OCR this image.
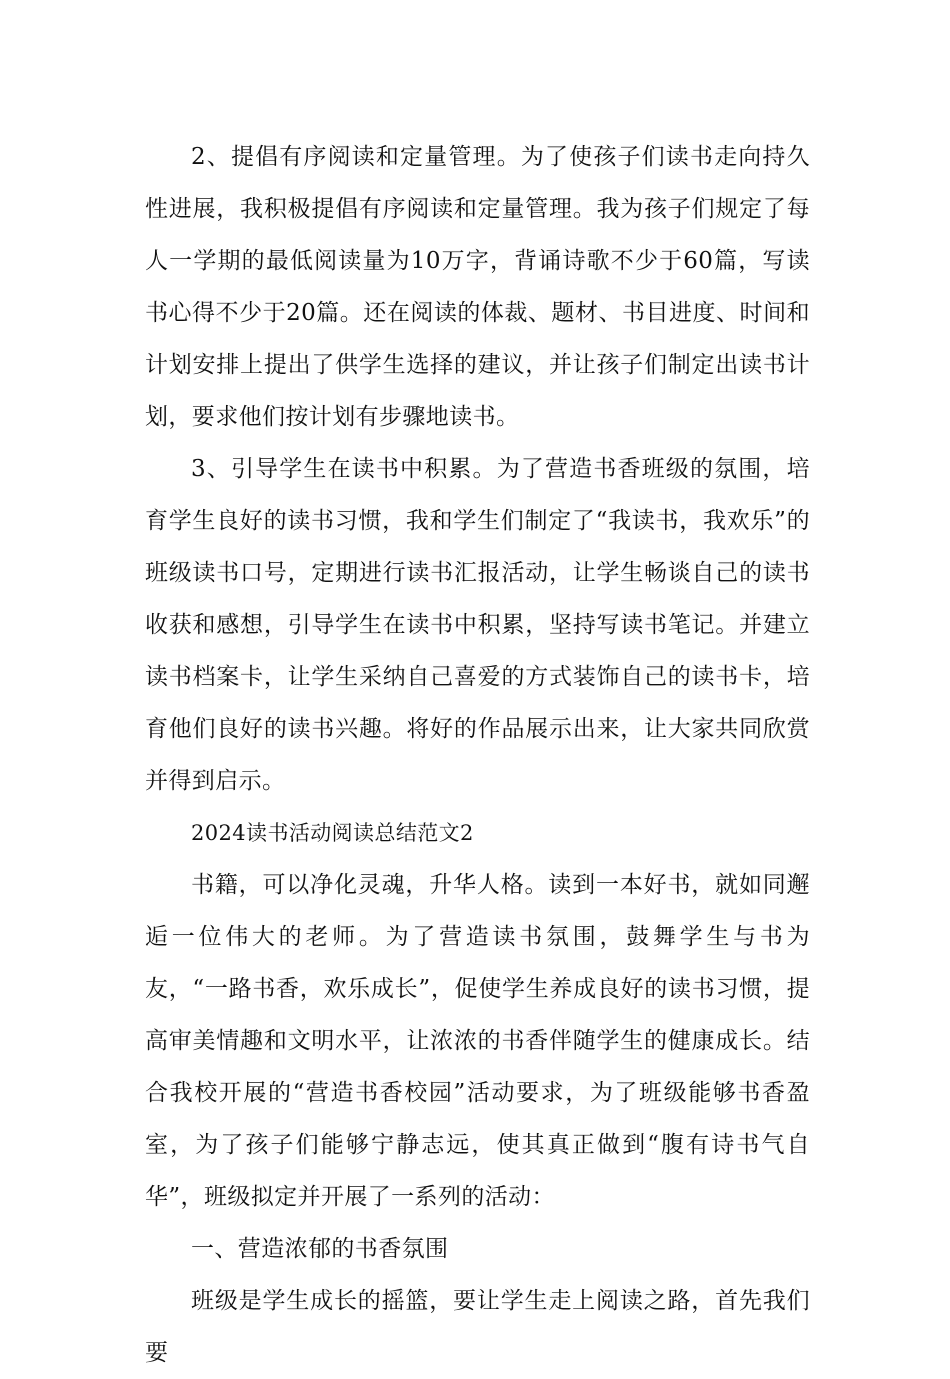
2、提倡有序阅读和定量管理。为了使孩子们读书走向持久性进展，我积极提倡有序阅读和定量管理。我为孩子们规定了每人一学期的最低阅读量为10万字，背诵诗歌不少于60篇，写读书心得不少于20篇。还在阅读的体裁、题材、书目进度、时间和计划安排上提出了供学生选择的建议，并让孩子们制定出读书计划，要求他们按计划有步骤地读书。

3、引导学生在读书中积累。为了营造书香班级的氛围，培育学生良好的读书习惯，我和学生们制定了“我读书，我欢乐”的班级读书口号，定期进行读书汇报活动，让学生畅谈自己的读书收获和感想，引导学生在读书中积累，坚持写读书笔记。并建立读书档案卡，让学生采纳自己喜爱的方式装饰自己的读书卡，培育他们良好的读书兴趣。将好的作品展示出来，让大家共同欣赏并得到启示。

2024读书活动阅读总结范文2

书籍，可以净化灵魂，升华人格。读到一本好书，就如同邂逅一位伟大的老师。为了营造读书氛围，鼓舞学生与书为友，“一路书香，欢乐成长”，促使学生养成良好的读书习惯，提高审美情趣和文明水平，让浓浓的书香伴随学生的健康成长。结合我校开展的“营造书香校园”活动要求，为了班级能够书香盈室，为了孩子们能够宁静志远，使其真正做到“腹有诗书气自华”，班级拟定并开展了一系列的活动：

一、营造浓郁的书香氛围

班级是学生成长的摇篮，要让学生走上阅读之路，首先我们要
